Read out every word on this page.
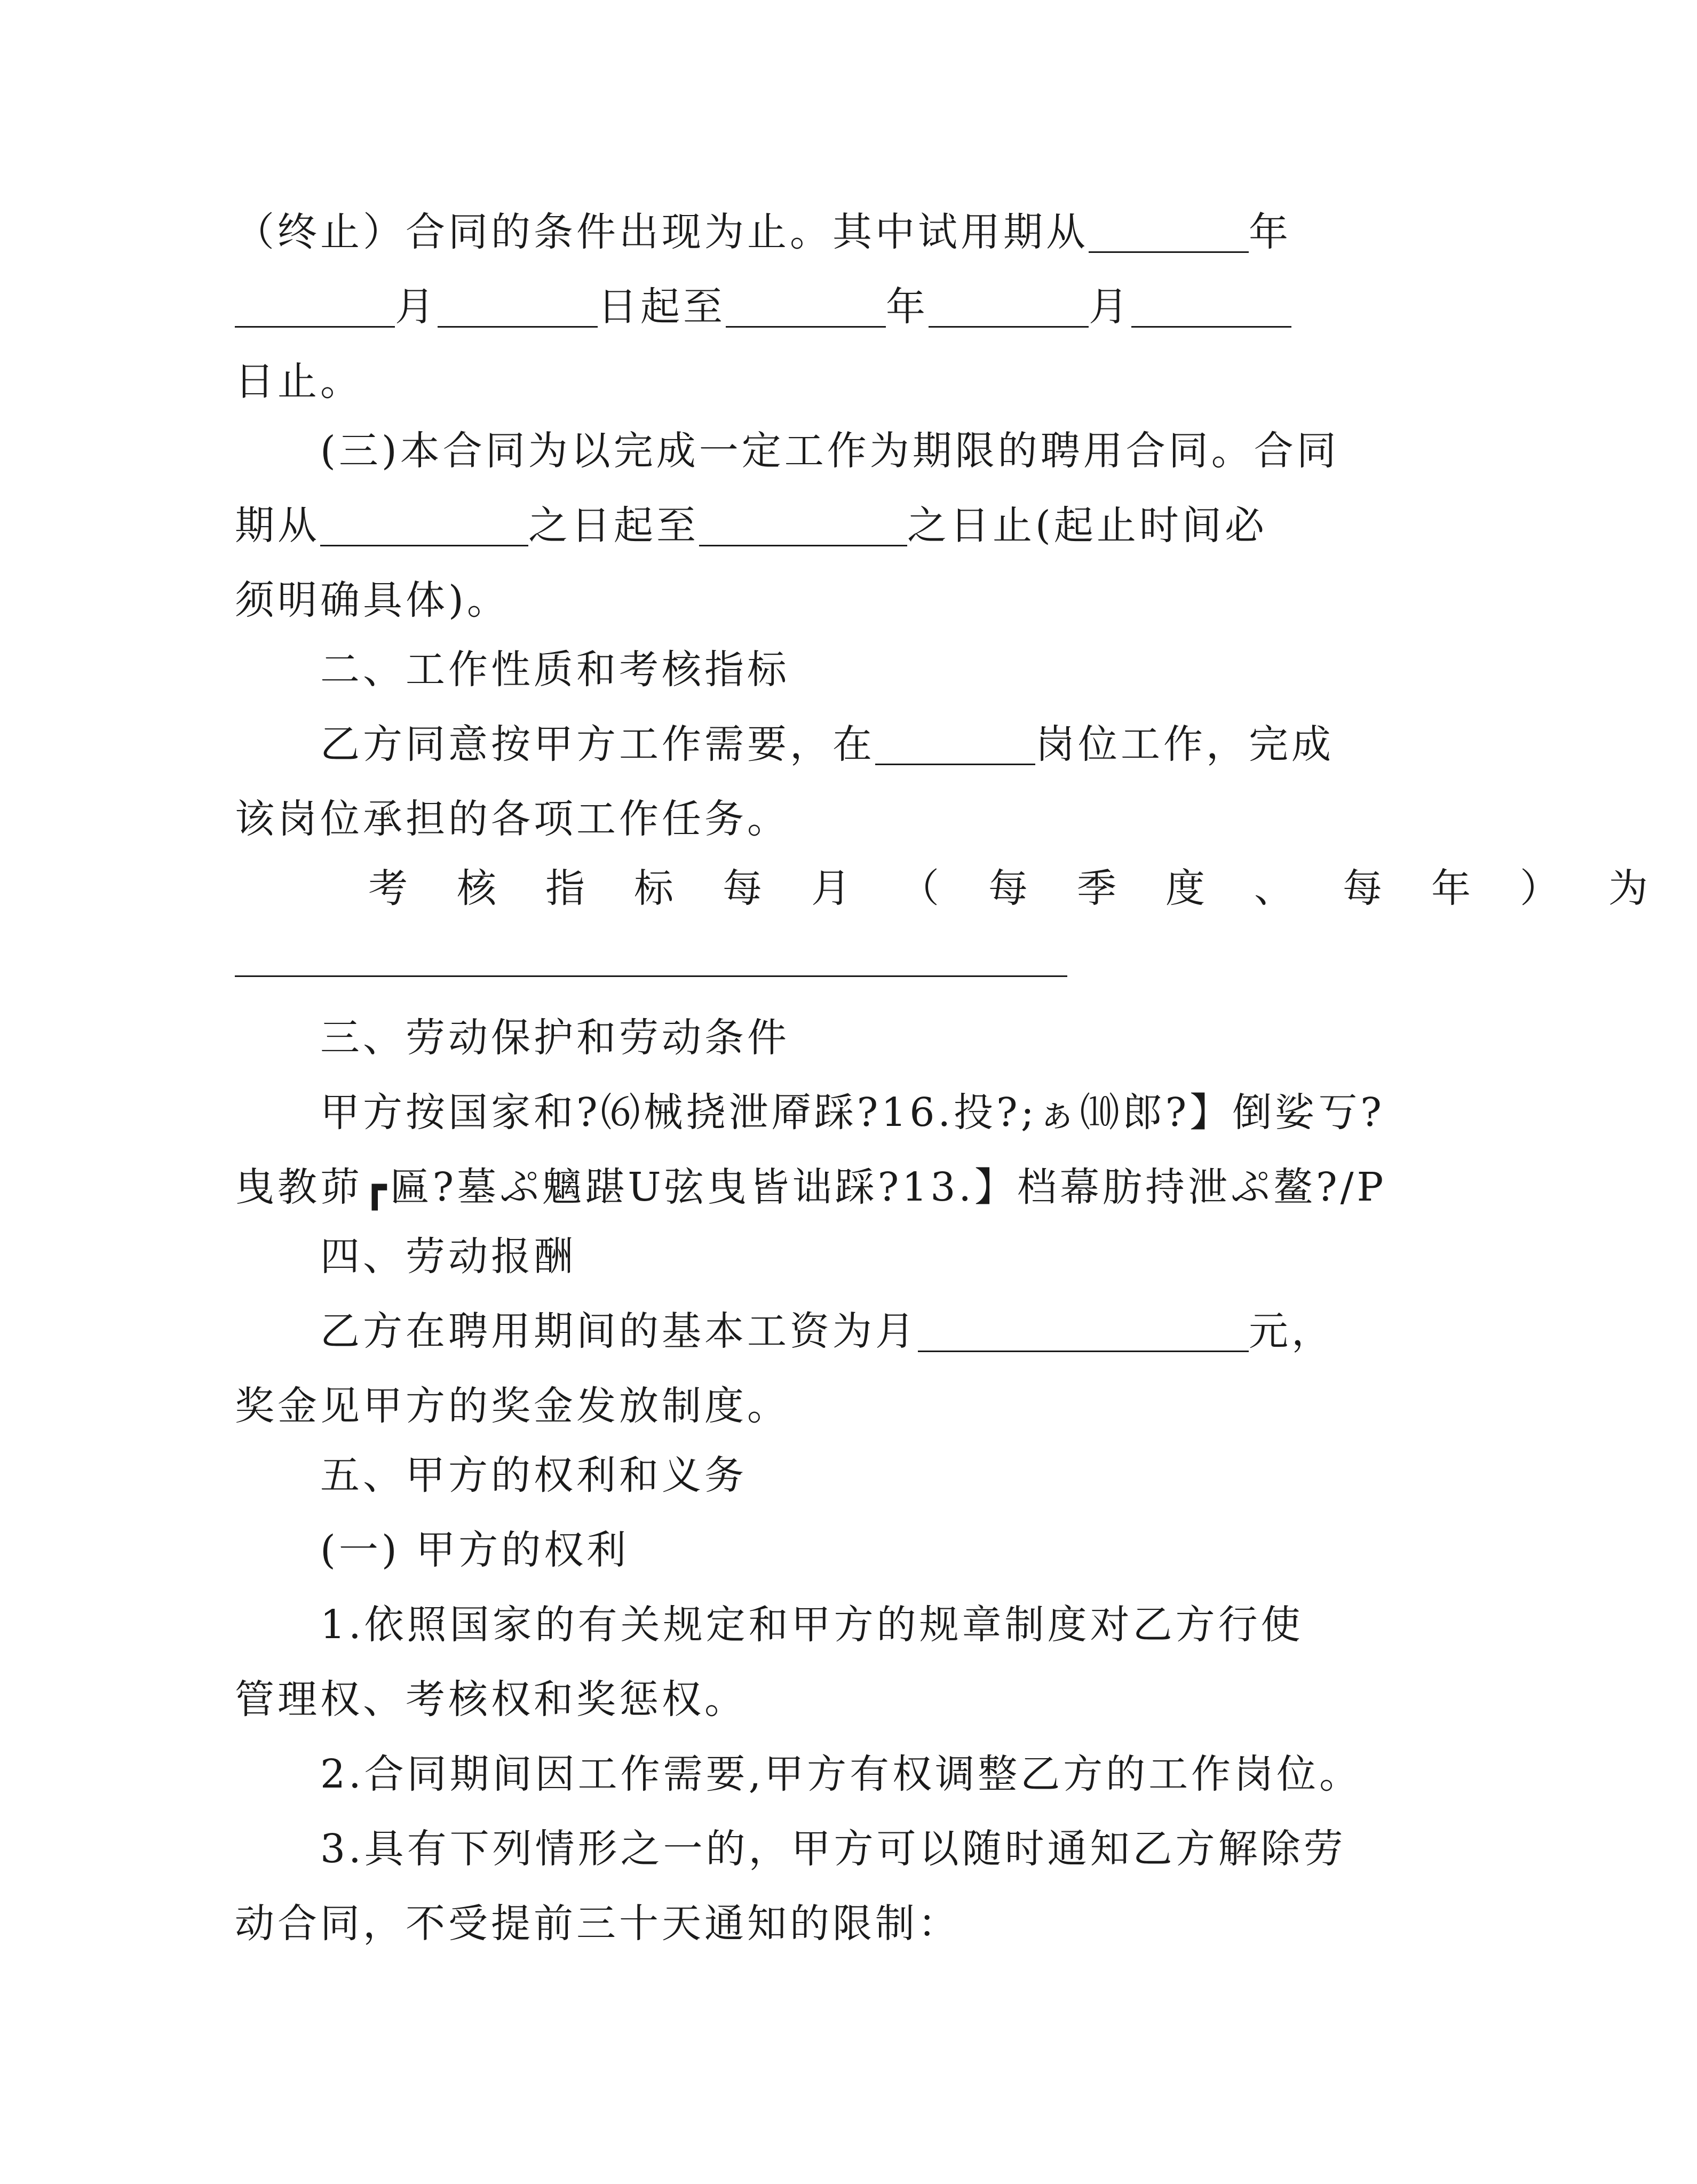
（终止）合同的条件出现为止。其中试用期从	年
月	日起至	年	月
日止。
(三)本合同为以完成一定工作为期限的聘用合同。合同
期从	之日起至	之日止(起止时间必
须明确具体)。
二、工作性质和考核指标
乙方同意按甲方工作需要，在	岗位工作，完成
该岗位承担的各项工作任务。
考核指标每月（每季度、每年）为
三、劳动保护和劳动条件
甲方按国家和?⑹械挠泄厣踩?16.投?;ぁ⑽郎?】倒娑丂?
曳教茆┏匾?墓ぷ魑踸U弦曳皆诎踩?13.】档幕肪持泄ぷ鳌?/P
四、劳动报酬
乙方在聘用期间的基本工资为月	元，
奖金见甲方的奖金发放制度。
五、甲方的权利和义务
(一) 甲方的权利
1.依照国家的有关规定和甲方的规章制度对乙方行使
管理权、考核权和奖惩权。
2.合同期间因工作需要,甲方有权调整乙方的工作岗位。
3.具有下列情形之一的，甲方可以随时通知乙方解除劳
动合同，不受提前三十天通知的限制：
